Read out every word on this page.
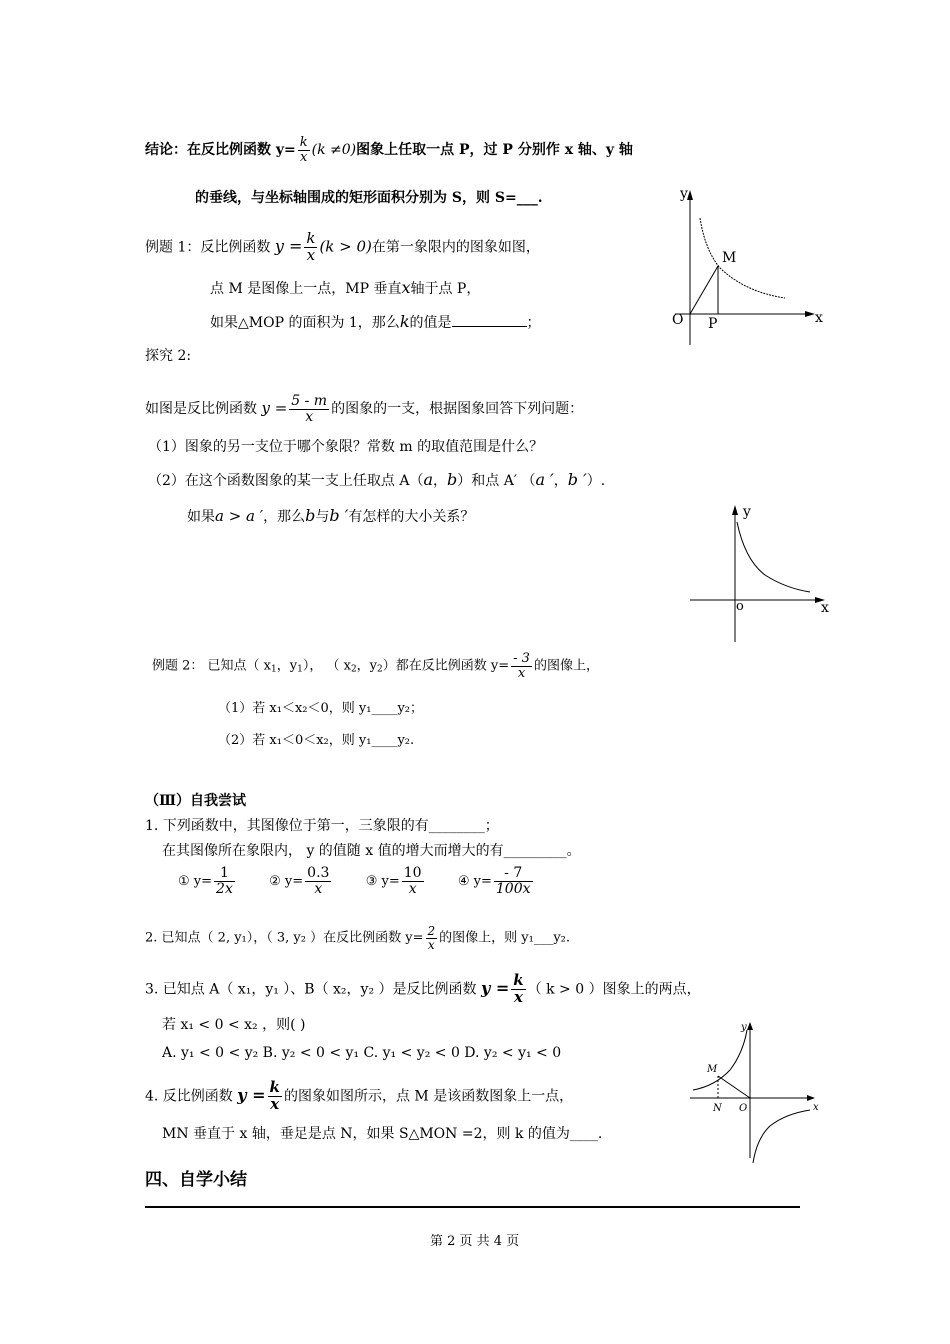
结论：在反比例函数 $y= \frac{k}{x} (k \ne 0)$图象上任取一点 P，过 P 分别作 x 轴、y 轴
的垂线，与坐标轴围成的矩形面积分别为 S，则 S=___.
例题 1：反比例函数 $y = \frac{k}{x} (k > 0)$在第一象限内的图象如图，
点 M 是图像上一点，MP 垂直x轴于点 P，
如果△MOP 的面积为 1，那么k的值是	；
y
x
O P
M
探究 2:
如图是反比例函数 $y = \frac{5 - m}{x}$ 的图象的一支，根据图象回答下列问题：
（1）图象的另一支位于哪个象限？常数 m 的取值范围是什么？
（2）在这个函数图象的某一支上任取点 A（a，b）和点 A′ （a ′，b ′）.
如果a > a ′，那么b与b ′有怎样的大小关系？	y
x
o
例题 2： 已知点（ $x_1$，$y_1$）， （ $x_2$，$y_2$）都在反比例函数 $y= \frac{- 3}{x}$ 的图像上，
（1）若 x₁＜x₂＜0，则 y₁____y₂；
（2）若 x₁＜0＜x₂，则 y₁____y₂.
（Ⅲ）自我尝试
1. 下列函数中，其图像位于第一，三象限的有________；
在其图像所在象限内， y 的值随 x 值的增大而增大的有_________。
① $y= \frac{1}{2x}$	② $y= \frac{0.3}{x}$	③ $y= \frac{10}{x}$	④ $y= \frac{- 7}{100x}$
2. 已知点（ 2, y₁），（ 3, y₂ ）在反比例函数 $y= \frac{2}{x}$ 的图像上，则 y₁___y₂.
3. 已知点 A（ x₁，y₁ ）、B（ x₂，y₂ ）是反比例函数 $y = \frac{k}{x}$ （ k > 0 ）图象上的两点，
若 x₁ < 0 < x₂ ，则( )
A. y₁ < 0 < y₂ B. y₂ < 0 < y₁ C. y₁ < y₂ < 0 D. y₂ < y₁ < 0
4. 反比例函数 $y = \frac{k}{x}$ 的图象如图所示，点 M 是该函数图象上一点，
MN 垂直于 x 轴，垂足是点 N，如果 S△MON =2，则 k 的值为____.
y
x
O
N
M
四、自学小结
第 2 页 共 4 页
